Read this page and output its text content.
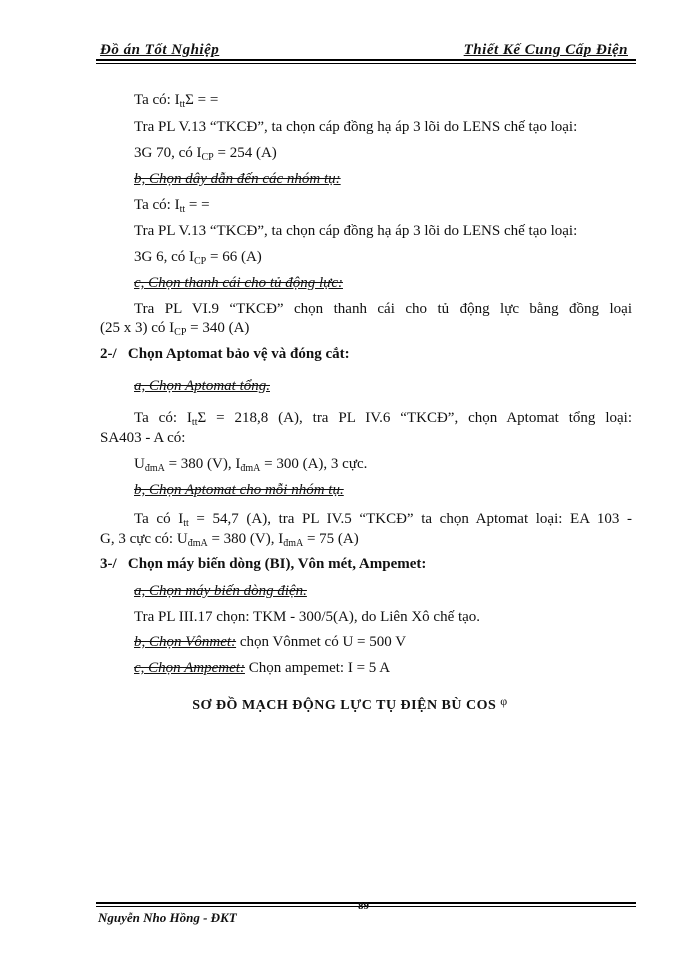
Đồ án Tốt Nghiệp	Thiết Kế Cung Cấp Điện
Ta có: $I_{tt}\Sigma$ = =
Tra PL V.13 “TKCĐ”, ta chọn cáp đồng hạ áp 3 lõi do LENS chế tạo loại:
3G 70, có $I_{CP} = 254$ (A)
b, Chọn dây dẫn đến các nhóm tụ:
Ta có: $I_{tt}$ = =
Tra PL V.13 “TKCĐ”, ta chọn cáp đồng hạ áp 3 lõi do LENS chế tạo loại:
3G 6, có $I_{CP} = 66$ (A)
c, Chọn thanh cái cho tủ động lực:
Tra PL VI.9 “TKCĐ” chọn thanh cái cho tủ động lực bằng đồng loại
(25 x 3) có $I_{CP} = 340$ (A)
2-/ Chọn Aptomat bảo vệ và đóng cắt:
a, Chọn Aptomat tổng.
Ta có: $I_{tt}\Sigma = 218,8$ (A), tra PL IV.6 “TKCĐ”, chọn Aptomat tổng loại:
SA403 - A có:
$U_{đmA} = 380$ (V), $I_{đmA} = 300$ (A), 3 cực.
b, Chọn Aptomat cho mỗi nhóm tụ.
Ta có $I_{tt} = 54,7$ (A), tra PL IV.5 “TKCĐ” ta chọn Aptomat loại: EA 103 -
G, 3 cực có: $U_{đmA} = 380$ (V), $I_{đmA} = 75$ (A)
3-/ Chọn máy biến dòng (BI), Vôn mét, Ampemet:
a, Chọn máy biến dòng điện.
Tra PL III.17 chọn: TKM - 300/5(A), do Liên Xô chế tạo.
b, Chọn Vônmet: chọn Vônmet có U = 500 V
c, Chọn Ampemet: Chọn ampemet: I = 5 A
SƠ ĐỒ MẠCH ĐỘNG LỰC TỤ ĐIỆN BÙ COS φ
89
Nguyễn Nho Hồng - ĐKT
